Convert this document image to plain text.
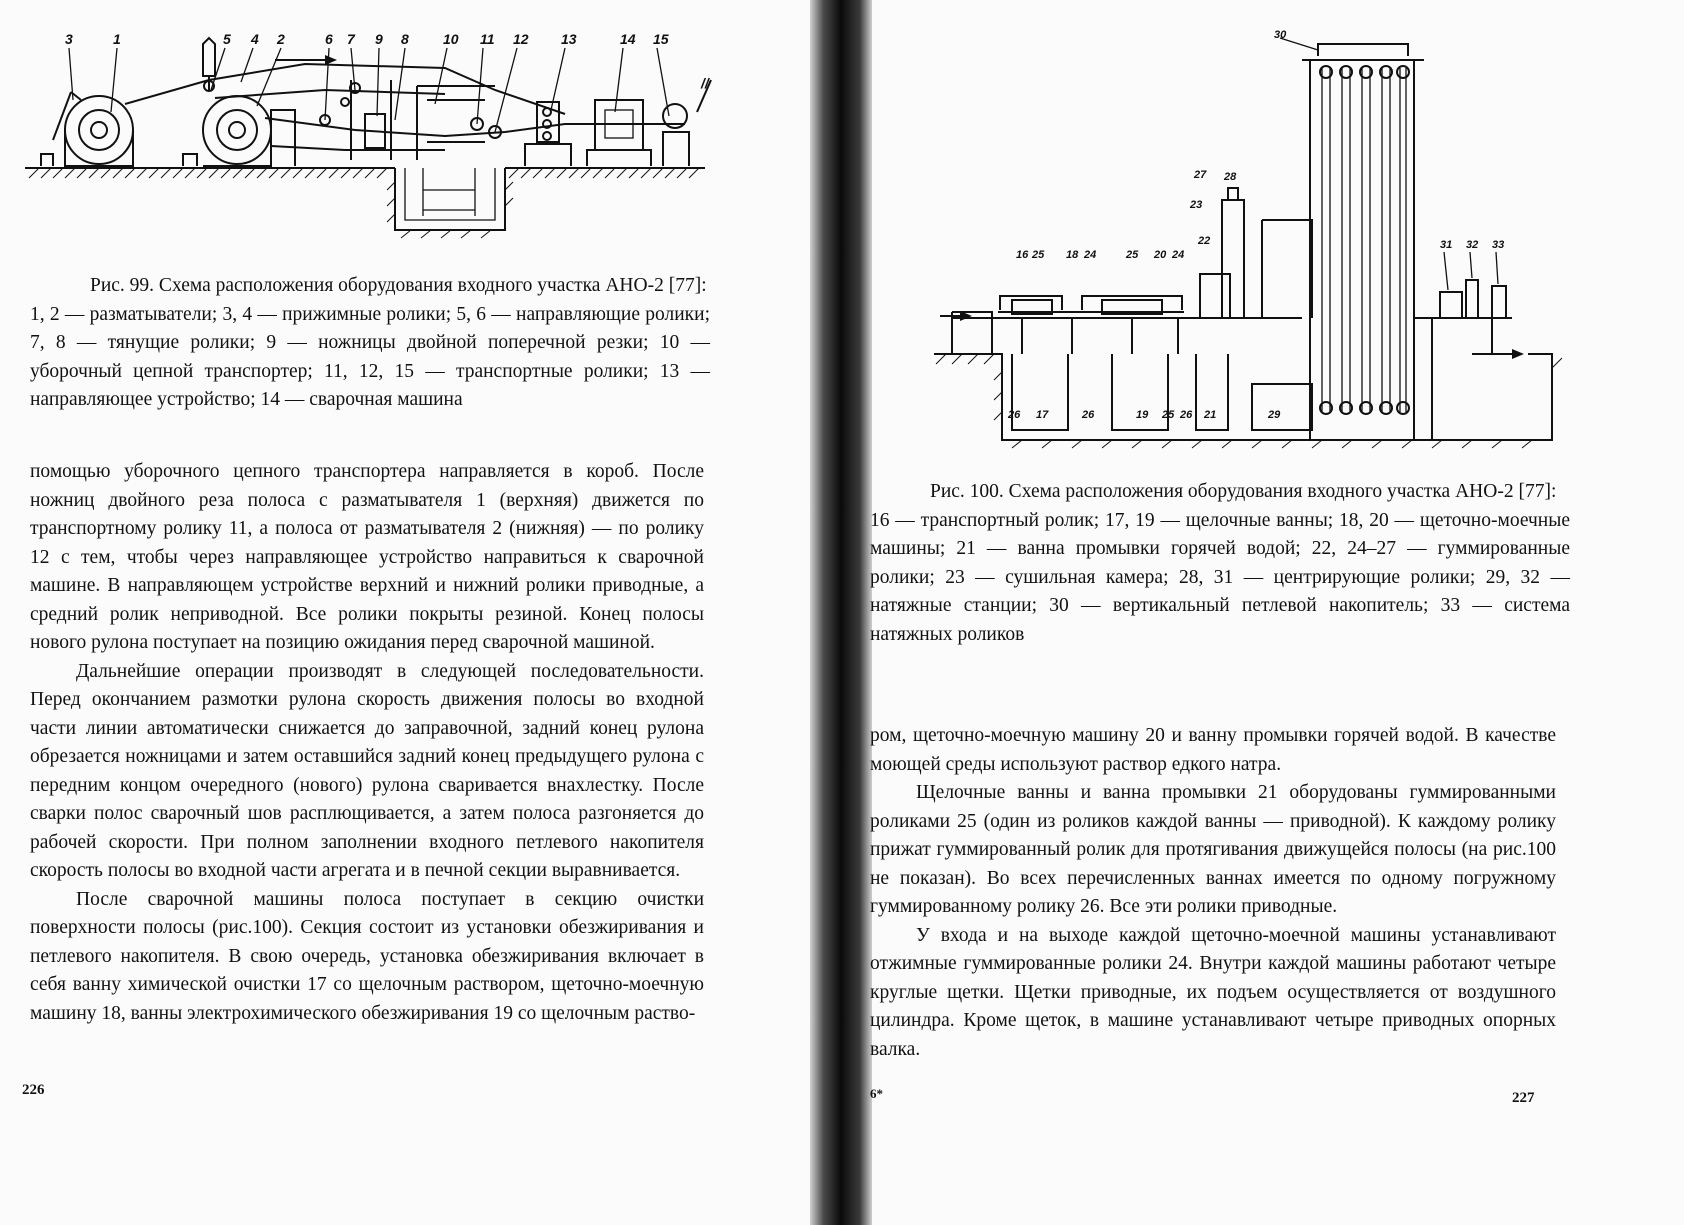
3	1	5 4 2	6 7 9 8 10 11 12 13	14 15
//

Рис. 99. Схема расположения оборудования входного участка АНО-2 [77]:

1, 2 — разматыватели; 3, 4 — прижимные ролики; 5, 6 — направляющие ролики; 7, 8 — тянущие ролики; 9 — ножницы двойной поперечной резки; 10 — уборочный цепной транспортер; 11, 12, 15 — транспортные ролики; 13 — направляющее устройство; 14 — сварочная машина

помощью уборочного цепного транспортера направляется в короб. После ножниц двойного реза полоса с разматывателя 1 (верхняя) движется по транспортному ролику 11, а полоса от разматывателя 2 (нижняя) — по ролику 12 с тем, чтобы через направляющее устройство направиться к сварочной машине. В направляющем устройстве верхний и нижний ролики приводные, а средний ролик неприводной. Все ролики покрыты резиной. Конец полосы нового рулона поступает на позицию ожидания перед сварочной машиной.

Дальнейшие операции производят в следующей последовательности. Перед окончанием размотки рулона скорость движения полосы во входной части линии автоматически снижается до заправочной, задний конец рулона обрезается ножницами и затем оставшийся задний конец предыдущего рулона с передним концом очередного (нового) рулона сваривается внахлестку. После сварки полос сварочный шов расплющивается, а затем полоса разгоняется до рабочей скорости. При полном заполнении входного петлевого накопителя скорость полосы во входной части агрегата и в печной секции выравнивается.

После сварочной машины полоса поступает в секцию очистки поверхности полосы (рис.100). Секция состоит из установки обезжиривания и петлевого накопителя. В свою очередь, установка обезжиривания включает в себя ванну химической очистки 17 со щелочным раствором, щеточно-моечную машину 18, ванны электрохимического обезжиривания 19 со щелочным раство-

226
30
27 28
23
22
16 25 18 24	25 20 24
31 32 33
26 17	26	19 25 26 21	29

Рис. 100. Схема расположения оборудования входного участка АНО-2 [77]:

16 — транспортный ролик; 17, 19 — щелочные ванны; 18, 20 — щеточно-моечные машины; 21 — ванна промывки горячей водой; 22, 24–27 — гуммированные ролики; 23 — сушильная камера; 28, 31 — центрирующие ролики; 29, 32 — натяжные станции; 30 — вертикальный петлевой накопитель; 33 — система натяжных роликов

ром, щеточно-моечную машину 20 и ванну промывки горячей водой. В качестве моющей среды используют раствор едкого натра.

Щелочные ванны и ванна промывки 21 оборудованы гуммированными роликами 25 (один из роликов каждой ванны — приводной). К каждому ролику прижат гуммированный ролик для протягивания движущейся полосы (на рис.100 не показан). Во всех перечисленных ваннах имеется по одному погружному гуммированному ролику 26. Все эти ролики приводные.

У входа и на выходе каждой щеточно-моечной машины устанавливают отжимные гуммированные ролики 24. Внутри каждой машины работают четыре круглые щетки. Щетки приводные, их подъем осуществляется от воздушного цилиндра. Кроме щеток, в машине устанавливают четыре приводных опорных валка.

6*	227
